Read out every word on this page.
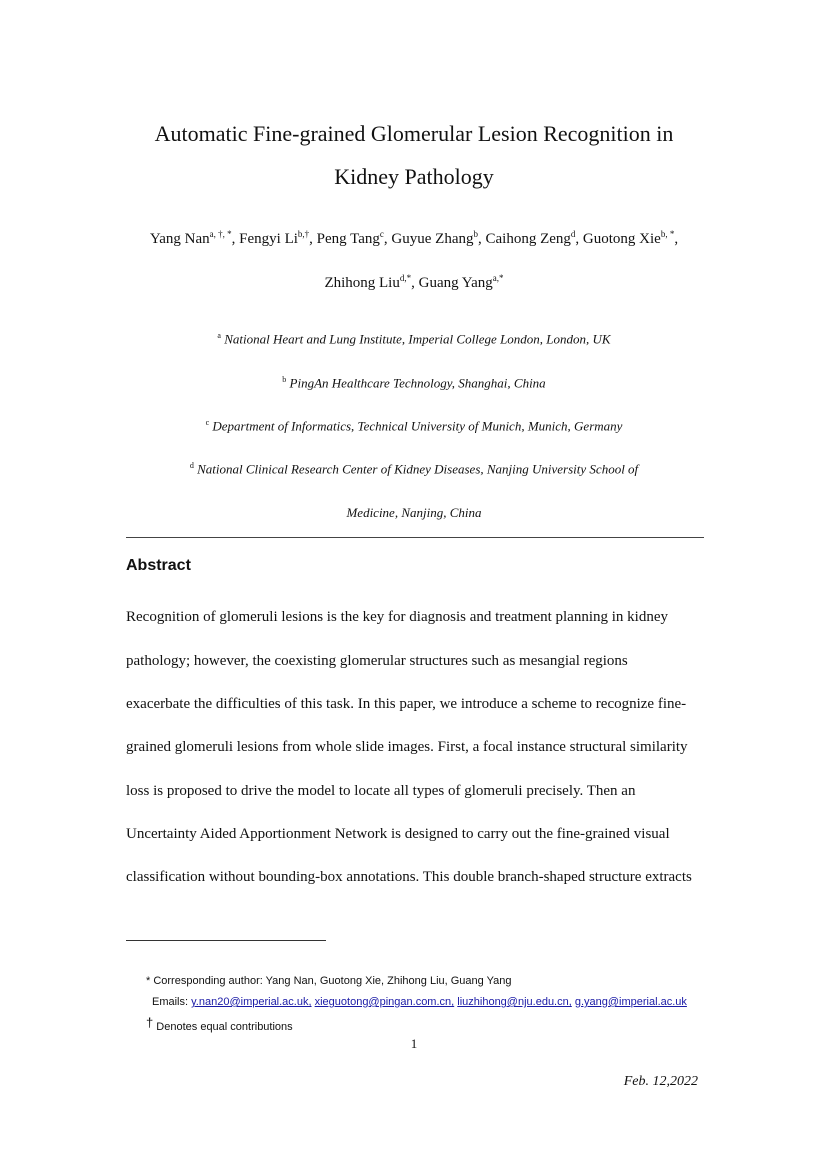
Automatic Fine-grained Glomerular Lesion Recognition in
Kidney Pathology
Yang Nan$^{a, \dagger, *}$, Fengyi $Li^{b,\dagger}$, Peng Tang$^c$, Guyue Zhang$^b$, Caihong Zeng$^d$, Guotong Xie$^{b, *}$,
Zhihong Liu$^{d,*}$, Guang Yang$^{a,*}$
$^a$ National Heart and Lung Institute, Imperial College London, London, UK
$^b$ PingAn Healthcare Technology, Shanghai, China
$^c$ Department of Informatics, Technical University of Munich, Munich, Germany
$^d$ National Clinical Research Center of Kidney Diseases, Nanjing University School of
Medicine, Nanjing, China
Abstract
Recognition of glomeruli lesions is the key for diagnosis and treatment planning in kidney
pathology; however, the coexisting glomerular structures such as mesangial regions
exacerbate the difficulties of this task. In this paper, we introduce a scheme to recognize fine-
grained glomeruli lesions from whole slide images. First, a focal instance structural similarity
loss is proposed to drive the model to locate all types of glomeruli precisely. Then an
Uncertainty Aided Apportionment Network is designed to carry out the fine-grained visual
classification without bounding-box annotations. This double branch-shaped structure extracts
* Corresponding author: Yang Nan, Guotong Xie, Zhihong Liu, Guang Yang
Emails: y.nan20@imperial.ac.uk, xieguotong@pingan.com.cn, liuzhihong@nju.edu.cn, g.yang@imperial.ac.uk
† Denotes equal contributions
1
Feb. 12,2022
